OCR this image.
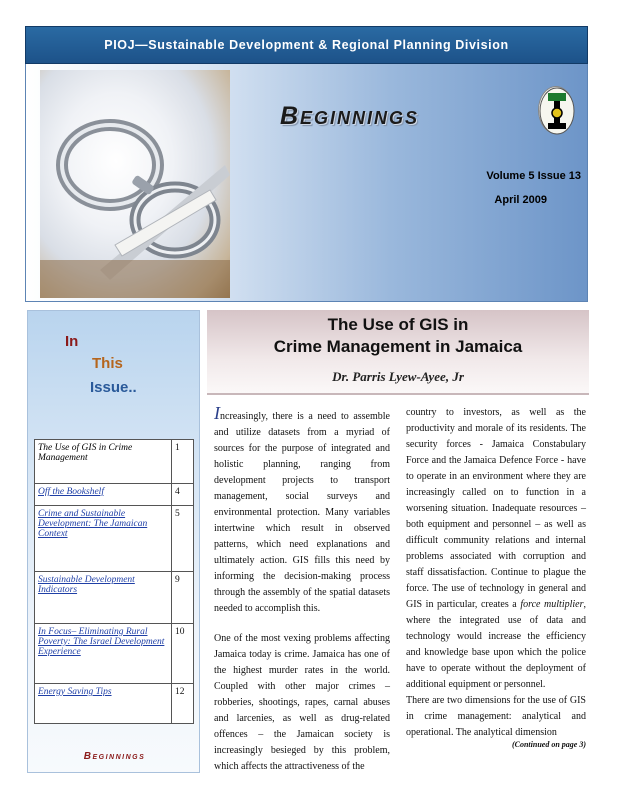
PIOJ—Sustainable Development & Regional Planning Division
Beginnings
Volume 5 Issue 13
April 2009
In
This
Issue..
The Use of GIS in Crime Management	1
Off the Bookshelf	4
Crime and Sustainable Development: The Jamaican Context	5
Sustainable Development Indicators	9
In Focus– Eliminating Rural Poverty: The Israel Development Experience	10
Energy Saving Tips	12
Beginnings
The Use of GIS in
Crime Management in Jamaica
Dr. Parris Lyew-Ayee, Jr

Increasingly, there is a need to assemble and utilize datasets from a myriad of sources for the purpose of integrated and holistic planning, ranging from development projects to transport management, social surveys and environmental protection. Many variables intertwine which result in observed patterns, which need explanations and ultimately action. GIS fills this need by informing the decision-making process through the assembly of the spatial datasets needed to accomplish this.

One of the most vexing problems affecting Jamaica today is crime. Jamaica has one of the highest murder rates in the world. Coupled with other major crimes – robberies, shootings, rapes, carnal abuses and larcenies, as well as drug-related offences – the Jamaican society is increasingly besieged by this problem, which affects the attractiveness of the

country to investors, as well as the productivity and morale of its residents. The security forces - Jamaica Constabulary Force and the Jamaica Defence Force - have to operate in an environment where they are increasingly called on to function in a worsening situation. Inadequate resources – both equipment and personnel – as well as difficult community relations and internal problems associated with corruption and staff dissatisfaction. Continue to plague the force. The use of technology in general and GIS in particular, creates a force multiplier, where the integrated use of data and technology would increase the efficiency and knowledge base upon which the police have to operate without the deployment of additional equipment or personnel.

There are two dimensions for the use of GIS in crime management: analytical and operational. The analytical dimension

(Continued on page 3)
